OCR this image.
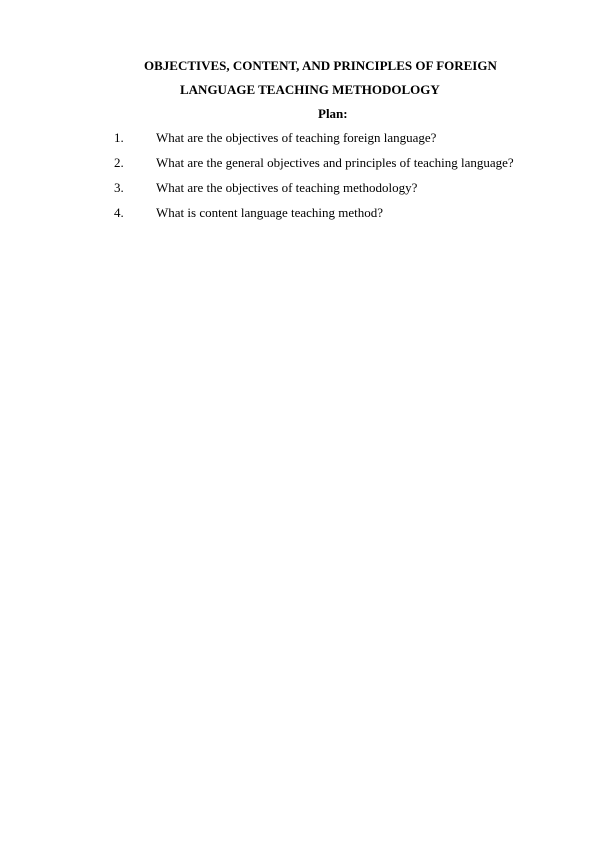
OBJECTIVES, CONTENT, AND PRINCIPLES OF FOREIGN
LANGUAGE TEACHING METHODOLOGY
Plan:
1.	What are the objectives of teaching foreign language?
2.	What are the general objectives and principles of teaching language?
3.	What are the objectives of teaching methodology?
4.	What is content language teaching method?
